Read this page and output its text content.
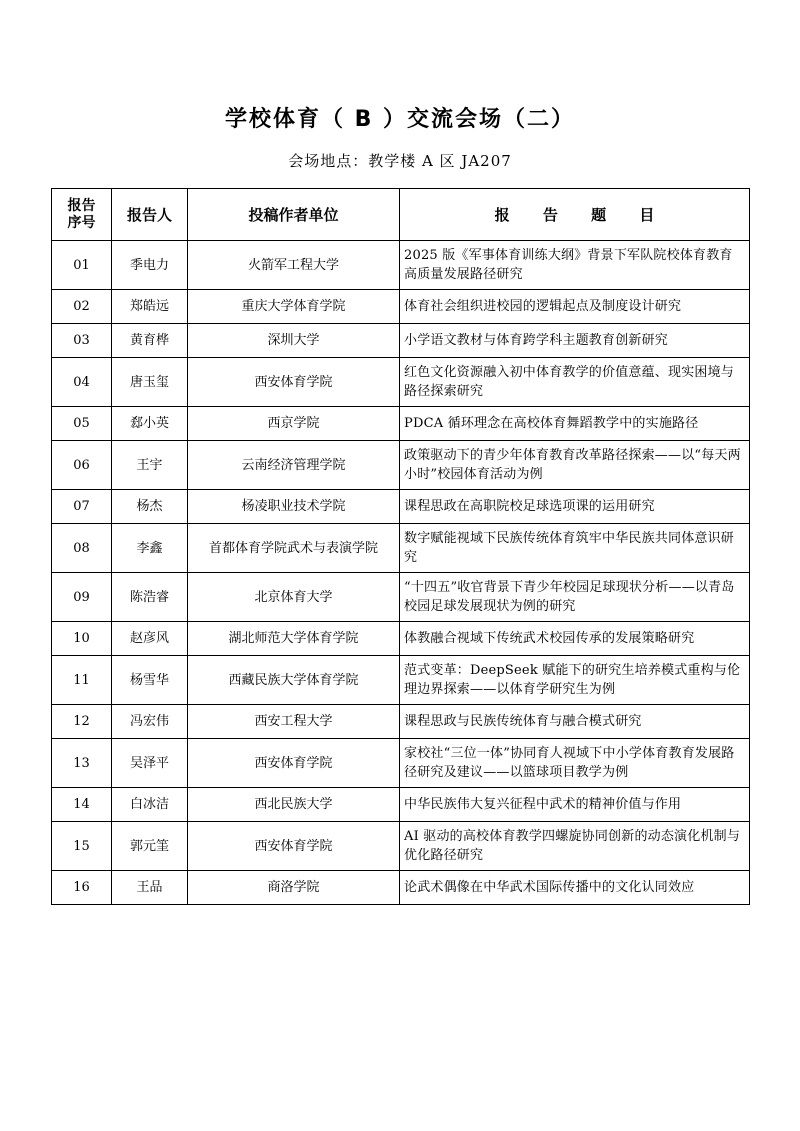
学校体育（ B ）交流会场（二）
会场地点：教学楼 A 区 JA207
报告
序号	报告人	投稿作者单位	报 告 题 目
01	季电力	火箭军工程大学	2025 版《军事体育训练大纲》背景下军队院校体育教育高质量发展路径研究
02	郑皓远	重庆大学体育学院	体育社会组织进校园的逻辑起点及制度设计研究
03	黄育桦	深圳大学	小学语文教材与体育跨学科主题教育创新研究
04	唐玉玺	西安体育学院	红色文化资源融入初中体育教学的价值意蕴、现实困境与路径探索研究
05	郄小英	西京学院	PDCA 循环理念在高校体育舞蹈教学中的实施路径
06	王宇	云南经济管理学院	政策驱动下的青少年体育教育改革路径探索——以“每天两小时”校园体育活动为例
07	杨杰	杨凌职业技术学院	课程思政在高职院校足球选项课的运用研究
08	李鑫	首都体育学院武术与表演学院	数字赋能视域下民族传统体育筑牢中华民族共同体意识研究
09	陈浩睿	北京体育大学	“十四五”收官背景下青少年校园足球现状分析——以青岛校园足球发展现状为例的研究
10	赵彦风	湖北师范大学体育学院	体教融合视域下传统武术校园传承的发展策略研究
11	杨雪华	西藏民族大学体育学院	范式变革：DeepSeek 赋能下的研究生培养模式重构与伦理边界探索——以体育学研究生为例
12	冯宏伟	西安工程大学	课程思政与民族传统体育与融合模式研究
13	吴泽平	西安体育学院	家校社“三位一体”协同育人视域下中小学体育教育发展路径研究及建议——以篮球项目教学为例
14	白冰洁	西北民族大学	中华民族伟大复兴征程中武术的精神价值与作用
15	郭元筀	西安体育学院	AI 驱动的高校体育教学四螺旋协同创新的动态演化机制与优化路径研究
16	王品	商洛学院	论武术偶像在中华武术国际传播中的文化认同效应
